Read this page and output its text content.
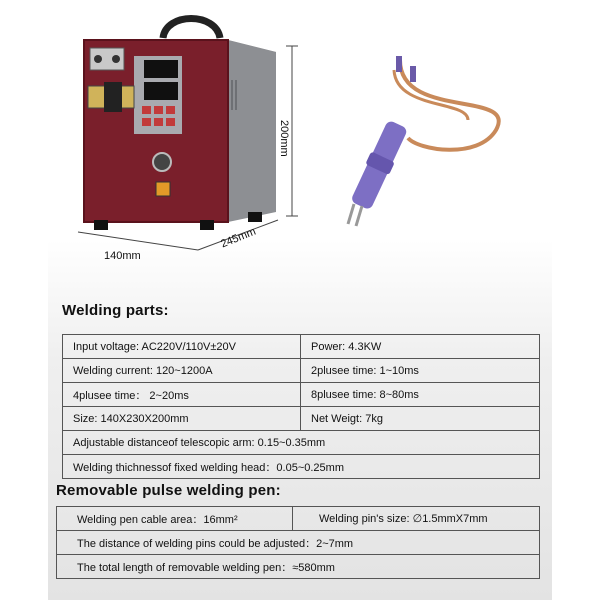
140mm
245mm
200mm
Welding parts:
Input voltage: AC220V/110V±20V	Power: 4.3KW
Welding current: 120~1200A	2plusee time: 1~10ms
4plusee time： 2~20ms	8plusee time: 8~80ms
Size: 140X230X200mm	Net Weigt: 7kg
Adjustable distanceof telescopic arm: 0.15~0.35mm	
Welding thichnessof fixed welding head：0.05~0.25mm	
Removable pulse welding pen:
Welding pen cable area：16mm²	Welding pin's size: ∅1.5mmX7mm
The distance of welding pins could be adjusted：2~7mm
The total length of removable welding pen：≈580mm
